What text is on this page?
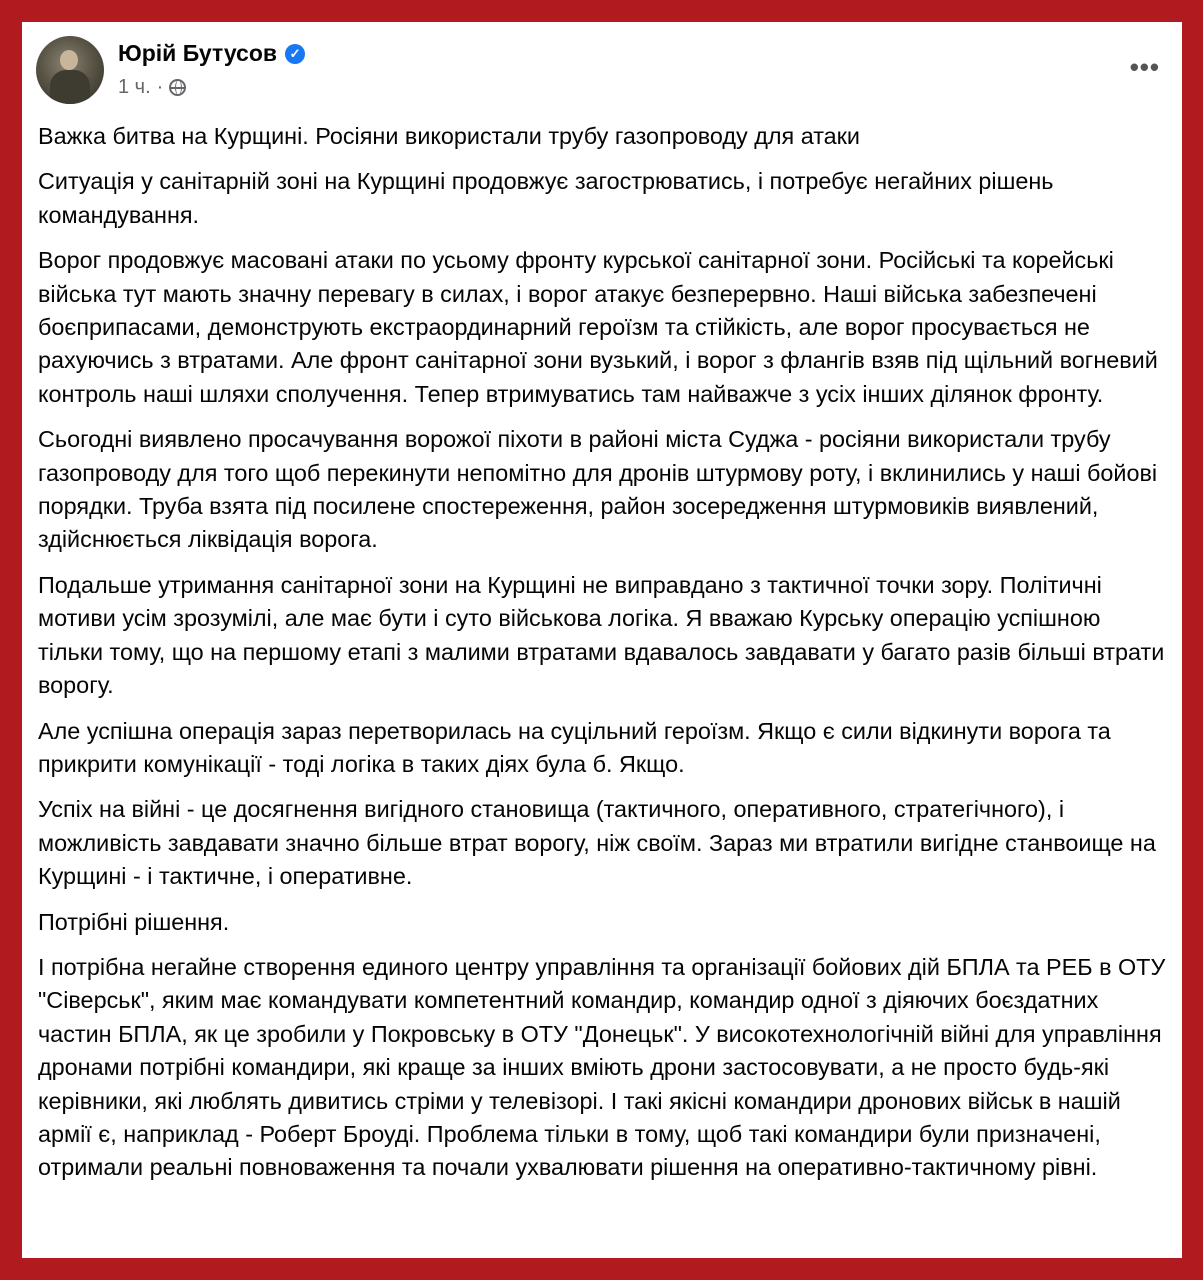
Юрій Бутусов ✓
1 ч. ·
•••

Важка битва на Курщині. Росіяни використали трубу газопроводу для атаки

Ситуація у санітарній зоні на Курщині продовжує загострюватись, і потребує негайних рішень командування.

Ворог продовжує масовані атаки по усьому фронту курської санітарної зони. Російські та корейські війська тут мають значну перевагу в силах, і ворог атакує безперервно. Наші війська забезпечені боєприпасами, демонструють екстраординарний героїзм та стійкість, але ворог просувається не рахуючись з втратами. Але фронт санітарної зони вузький, і ворог з флангів взяв під щільний вогневий контроль наші шляхи сполучення. Тепер втримуватись там найважче з усіх інших ділянок фронту.

Сьогодні виявлено просачування ворожої піхоти в районі міста Суджа - росіяни використали трубу газопроводу для того щоб перекинути непомітно для дронів штурмову роту, і вклинились у наші бойові порядки. Труба взята під посилене спостереження, район зосередження штурмовиків виявлений, здійснюється ліквідація ворога.

Подальше утримання санітарної зони на Курщині не виправдано з тактичної точки зору. Політичні мотиви усім зрозумілі, але має бути і суто військова логіка. Я вважаю Курську операцію успішною тільки тому, що на першому етапі з малими втратами вдавалось завдавати у багато разів більші втрати ворогу.

Але успішна операція зараз перетворилась на суцільний героїзм. Якщо є сили відкинути ворога та прикрити комунікації - тоді логіка в таких діях була б. Якщо.

Успіх на війні - це досягнення вигідного становища (тактичного, оперативного, стратегічного), і можливість завдавати значно більше втрат ворогу, ніж своїм. Зараз ми втратили вигідне станвоище на Курщині - і тактичне, і оперативне.

Потрібні рішення.

І потрібна негайне створення единого центру управління та організації бойових дій БПЛА та РЕБ в ОТУ "Сіверськ", яким має командувати компетентний командир, командир одної з діяючих боєздатних частин БПЛА, як це зробили у Покровську в ОТУ "Донецьк". У високотехнологічній війні для управління дронами потрібні командири, які краще за інших вміють дрони застосовувати, а не просто будь-які керівники, які люблять дивитись стріми у телевізорі. І такі якісні командири дронових військ в нашій армії є, наприклад - Роберт Броуді. Проблема тільки в тому, щоб такі командири були призначені, отримали реальні повноваження та почали ухвалювати рішення на оперативно-тактичному рівні.
